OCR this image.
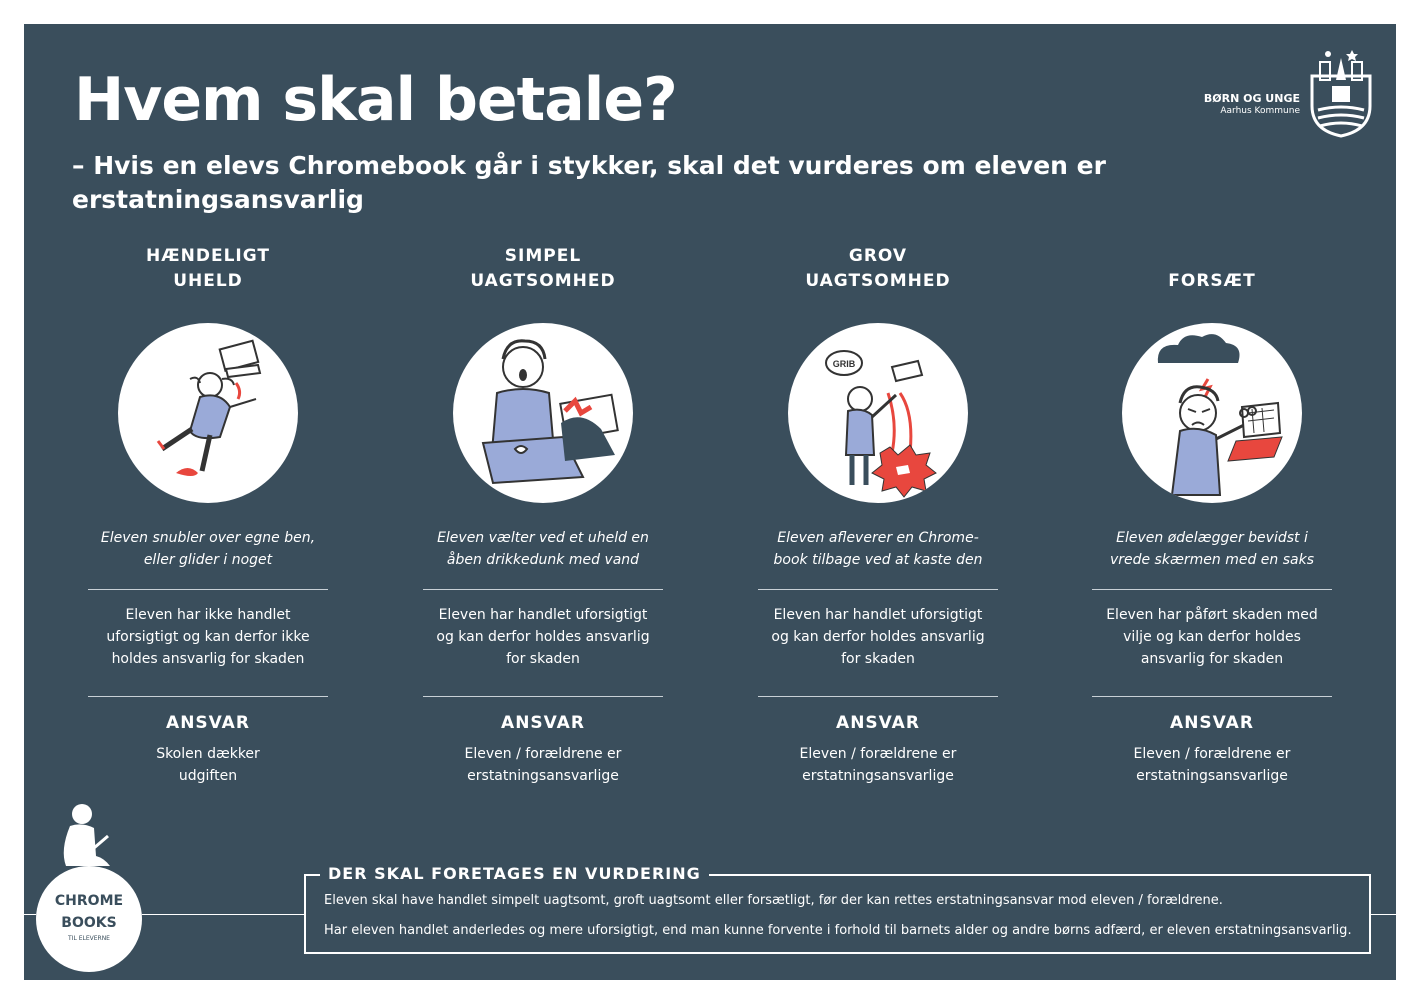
Hvem skal betale?
– Hvis en elevs Chromebook går i stykker, skal det vurderes om eleven er erstatningsansvarlig
BØRN OG UNGE
Aarhus Kommune
HÆNDELIGT
UHELD
Eleven snubler over egne ben,
eller glider i noget
Eleven har ikke handlet
uforsigtigt og kan derfor ikke
holdes ansvarlig for skaden
ANSVAR
Skolen dækker
udgiften
SIMPEL
UAGTSOMHED
Eleven vælter ved et uheld en
åben drikkedunk med vand
Eleven har handlet uforsigtigt
og kan derfor holdes ansvarlig
for skaden
ANSVAR
Eleven / forældrene er
erstatningsansvarlige
GROV
UAGTSOMHED
GRIB
Eleven afleverer en Chrome-
book tilbage ved at kaste den
Eleven har handlet uforsigtigt
og kan derfor holdes ansvarlig
for skaden
ANSVAR
Eleven / forældrene er
erstatningsansvarlige
FORSÆT
Eleven ødelægger bevidst i
vrede skærmen med en saks
Eleven har påført skaden med
vilje og kan derfor holdes
ansvarlig for skaden
ANSVAR
Eleven / forældrene er
erstatningsansvarlige
CHROME
BOOKS
TIL ELEVERNE
DER SKAL FORETAGES EN VURDERING
Eleven skal have handlet simpelt uagtsomt, groft uagtsomt eller forsætligt, før der kan rettes erstatningsansvar mod eleven / forældrene.
Har eleven handlet anderledes og mere uforsigtigt, end man kunne forvente i forhold til barnets alder og andre børns adfærd, er eleven erstatningsansvarlig.
